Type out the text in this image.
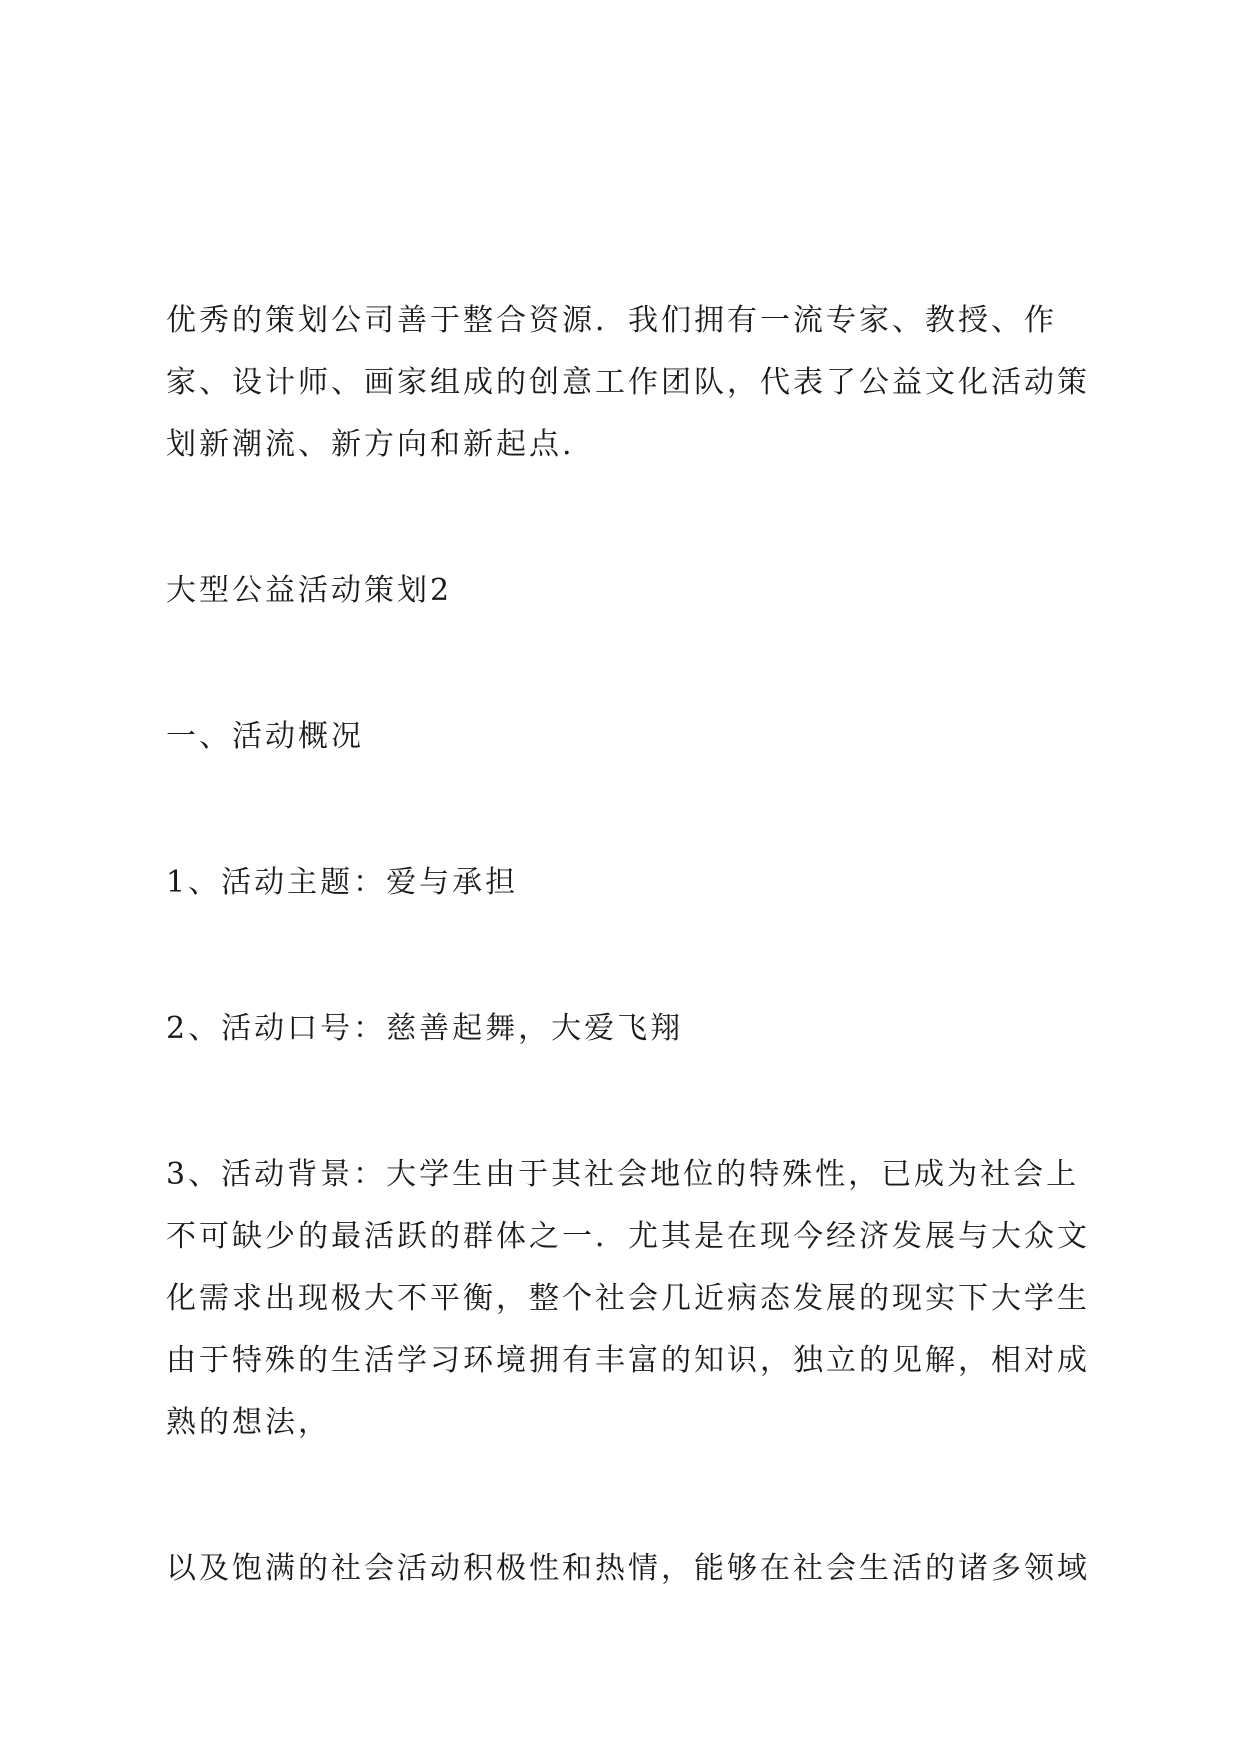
优秀的策划公司善于整合资源．我们拥有一流专家、教授、作
家、设计师、画家组成的创意工作团队，代表了公益文化活动策
划新潮流、新方向和新起点.
大型公益活动策划2
一、活动概况
1、活动主题：爱与承担
2、活动口号：慈善起舞，大爱飞翔
3、活动背景：大学生由于其社会地位的特殊性，已成为社会上
不可缺少的最活跃的群体之一．尤其是在现今经济发展与大众文
化需求出现极大不平衡，整个社会几近病态发展的现实下大学生
由于特殊的生活学习环境拥有丰富的知识，独立的见解，相对成
熟的想法，
以及饱满的社会活动积极性和热情，能够在社会生活的诸多领域
